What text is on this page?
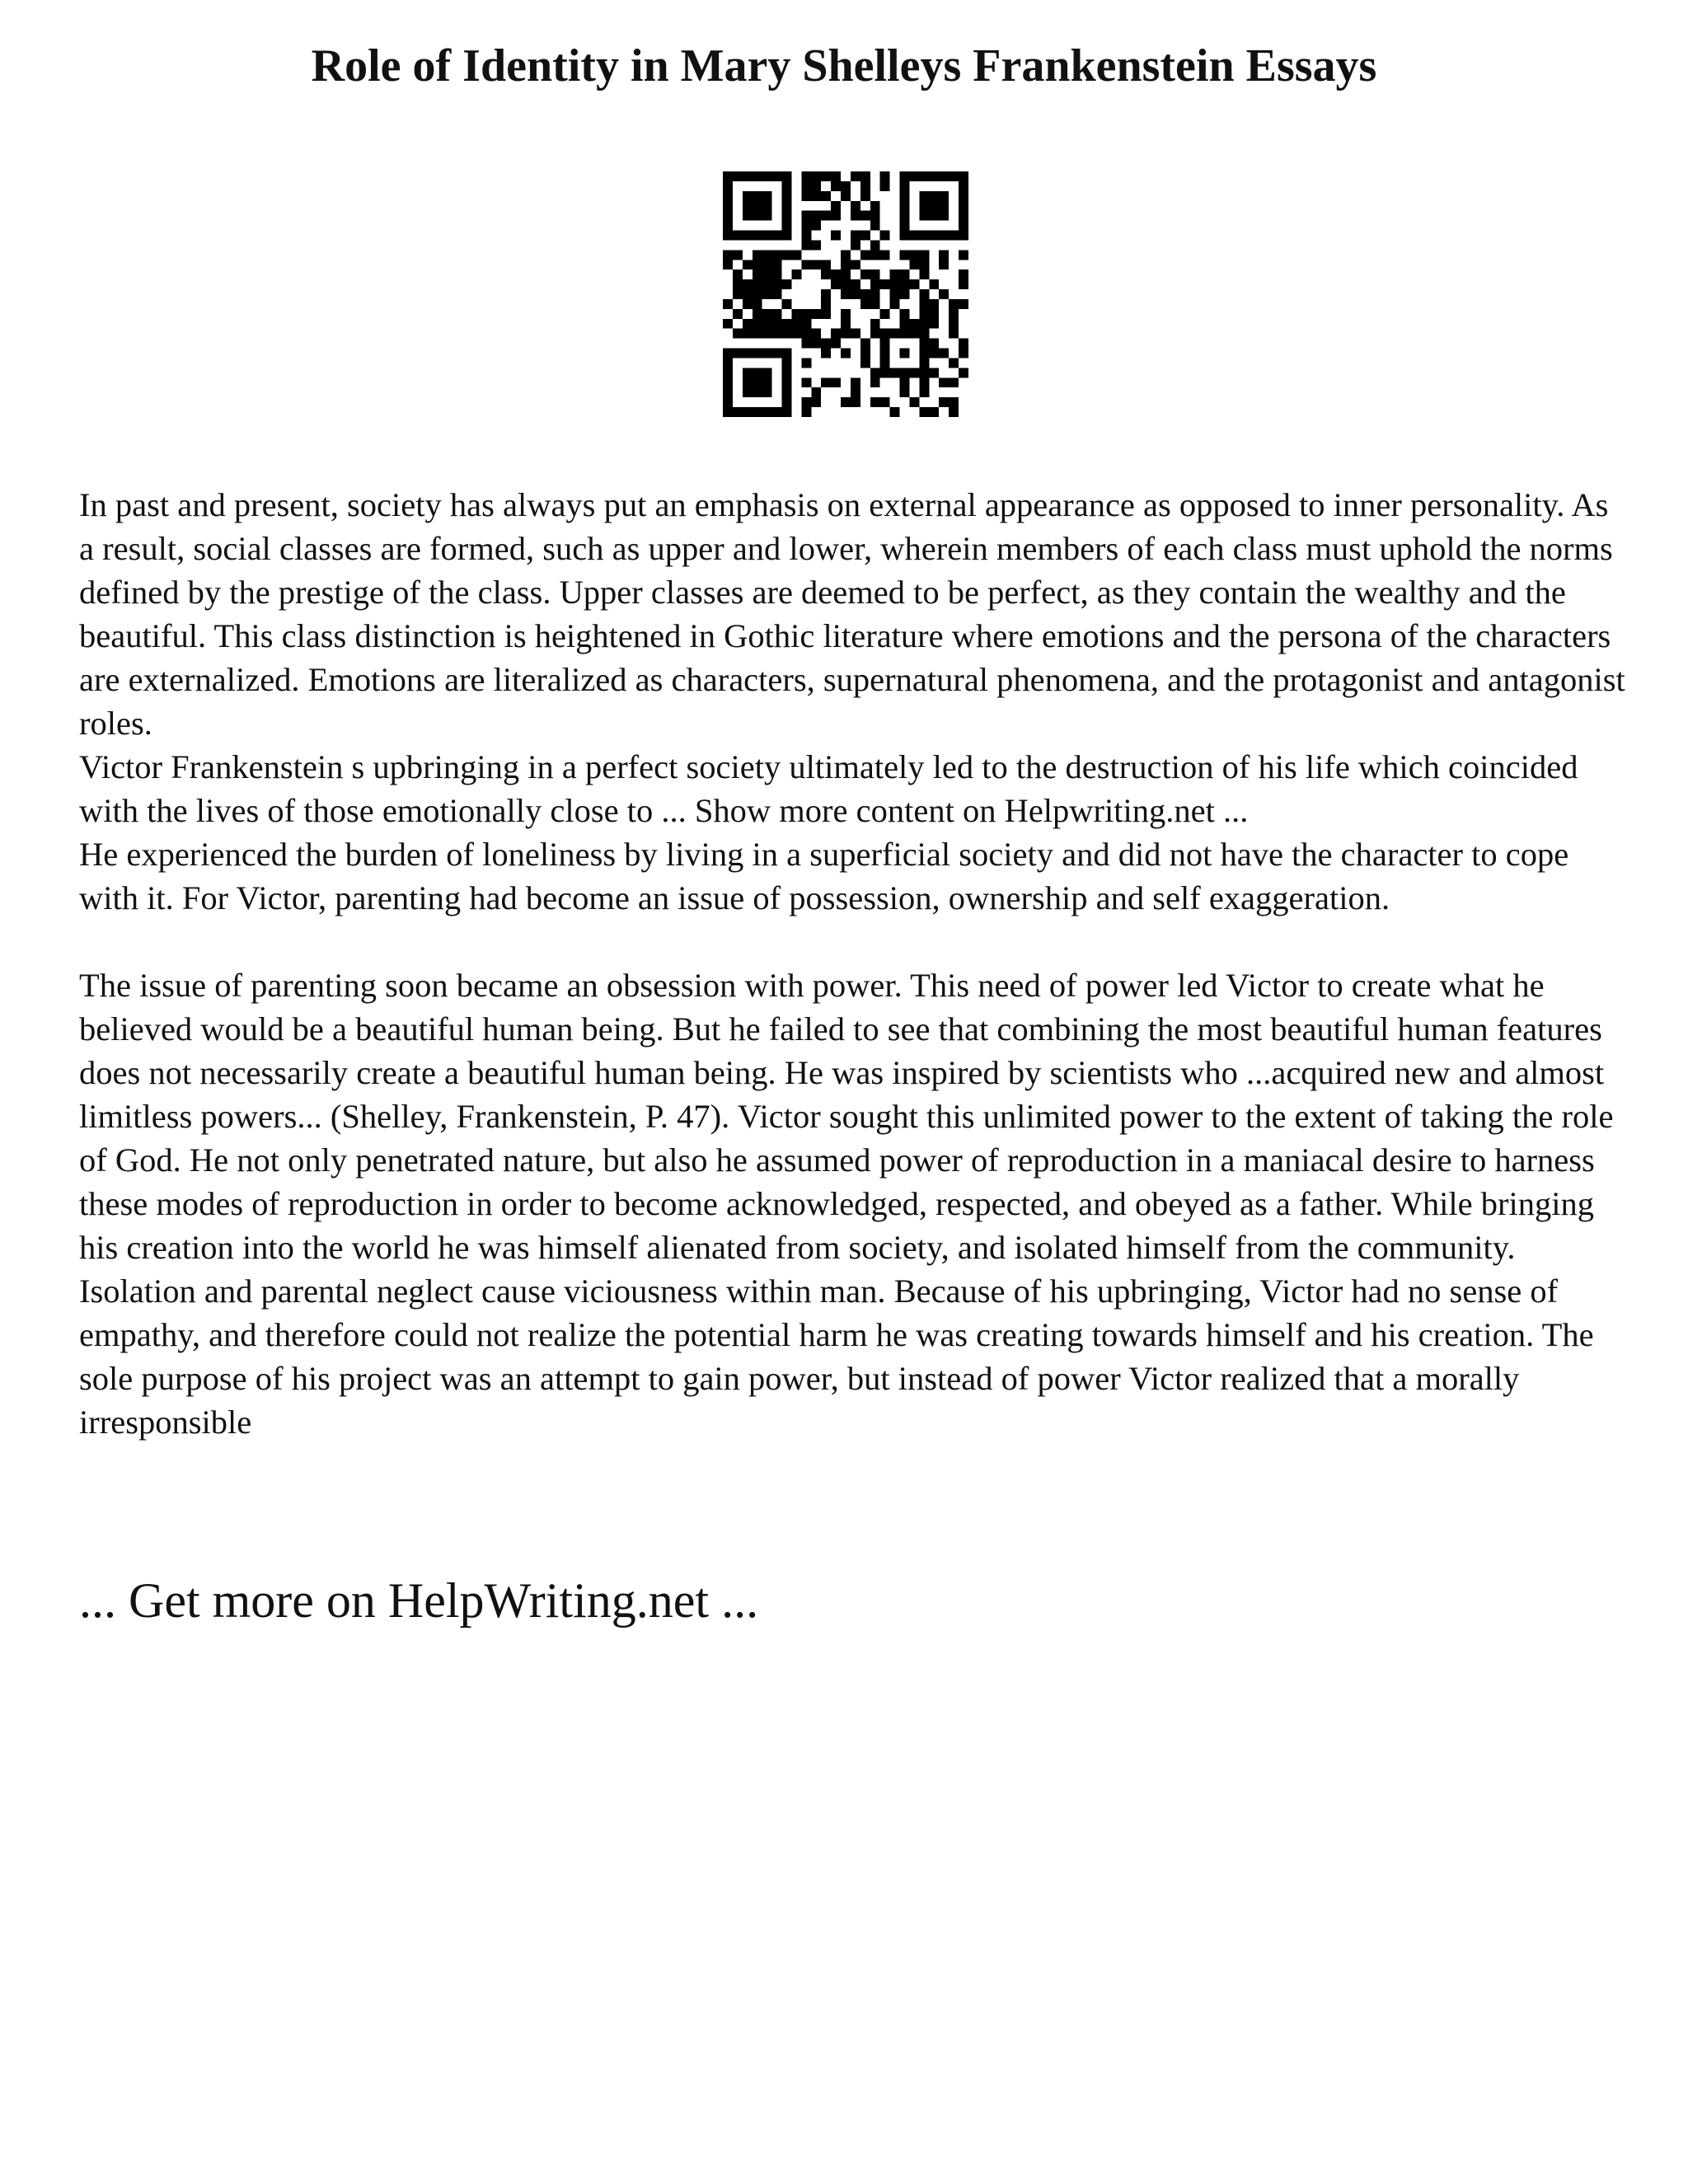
Role of Identity in Mary Shelleys Frankenstein Essays

In past and present, society has always put an emphasis on external appearance as opposed to inner personality. As a result, social classes are formed, such as upper and lower, wherein members of each class must uphold the norms defined by the prestige of the class. Upper classes are deemed to be perfect, as they contain the wealthy and the beautiful. This class distinction is heightened in Gothic literature where emotions and the persona of the characters are externalized. Emotions are literalized as characters, supernatural phenomena, and the protagonist and antagonist roles.

Victor Frankenstein s upbringing in a perfect society ultimately led to the destruction of his life which coincided with the lives of those emotionally close to ... Show more content on Helpwriting.net ...

He experienced the burden of loneliness by living in a superficial society and did not have the character to cope with it. For Victor, parenting had become an issue of possession, ownership and self exaggeration.

The issue of parenting soon became an obsession with power. This need of power led Victor to create what he believed would be a beautiful human being. But he failed to see that combining the most beautiful human features does not necessarily create a beautiful human being. He was inspired by scientists who ...acquired new and almost limitless powers... (Shelley, Frankenstein, P. 47). Victor sought this unlimited power to the extent of taking the role of God. He not only penetrated nature, but also he assumed power of reproduction in a maniacal desire to harness these modes of reproduction in order to become acknowledged, respected, and obeyed as a father. While bringing his creation into the world he was himself alienated from society, and isolated himself from the community. Isolation and parental neglect cause viciousness within man. Because of his upbringing, Victor had no sense of empathy, and therefore could not realize the potential harm he was creating towards himself and his creation. The sole purpose of his project was an attempt to gain power, but instead of power Victor realized that a morally irresponsible

... Get more on HelpWriting.net ...
